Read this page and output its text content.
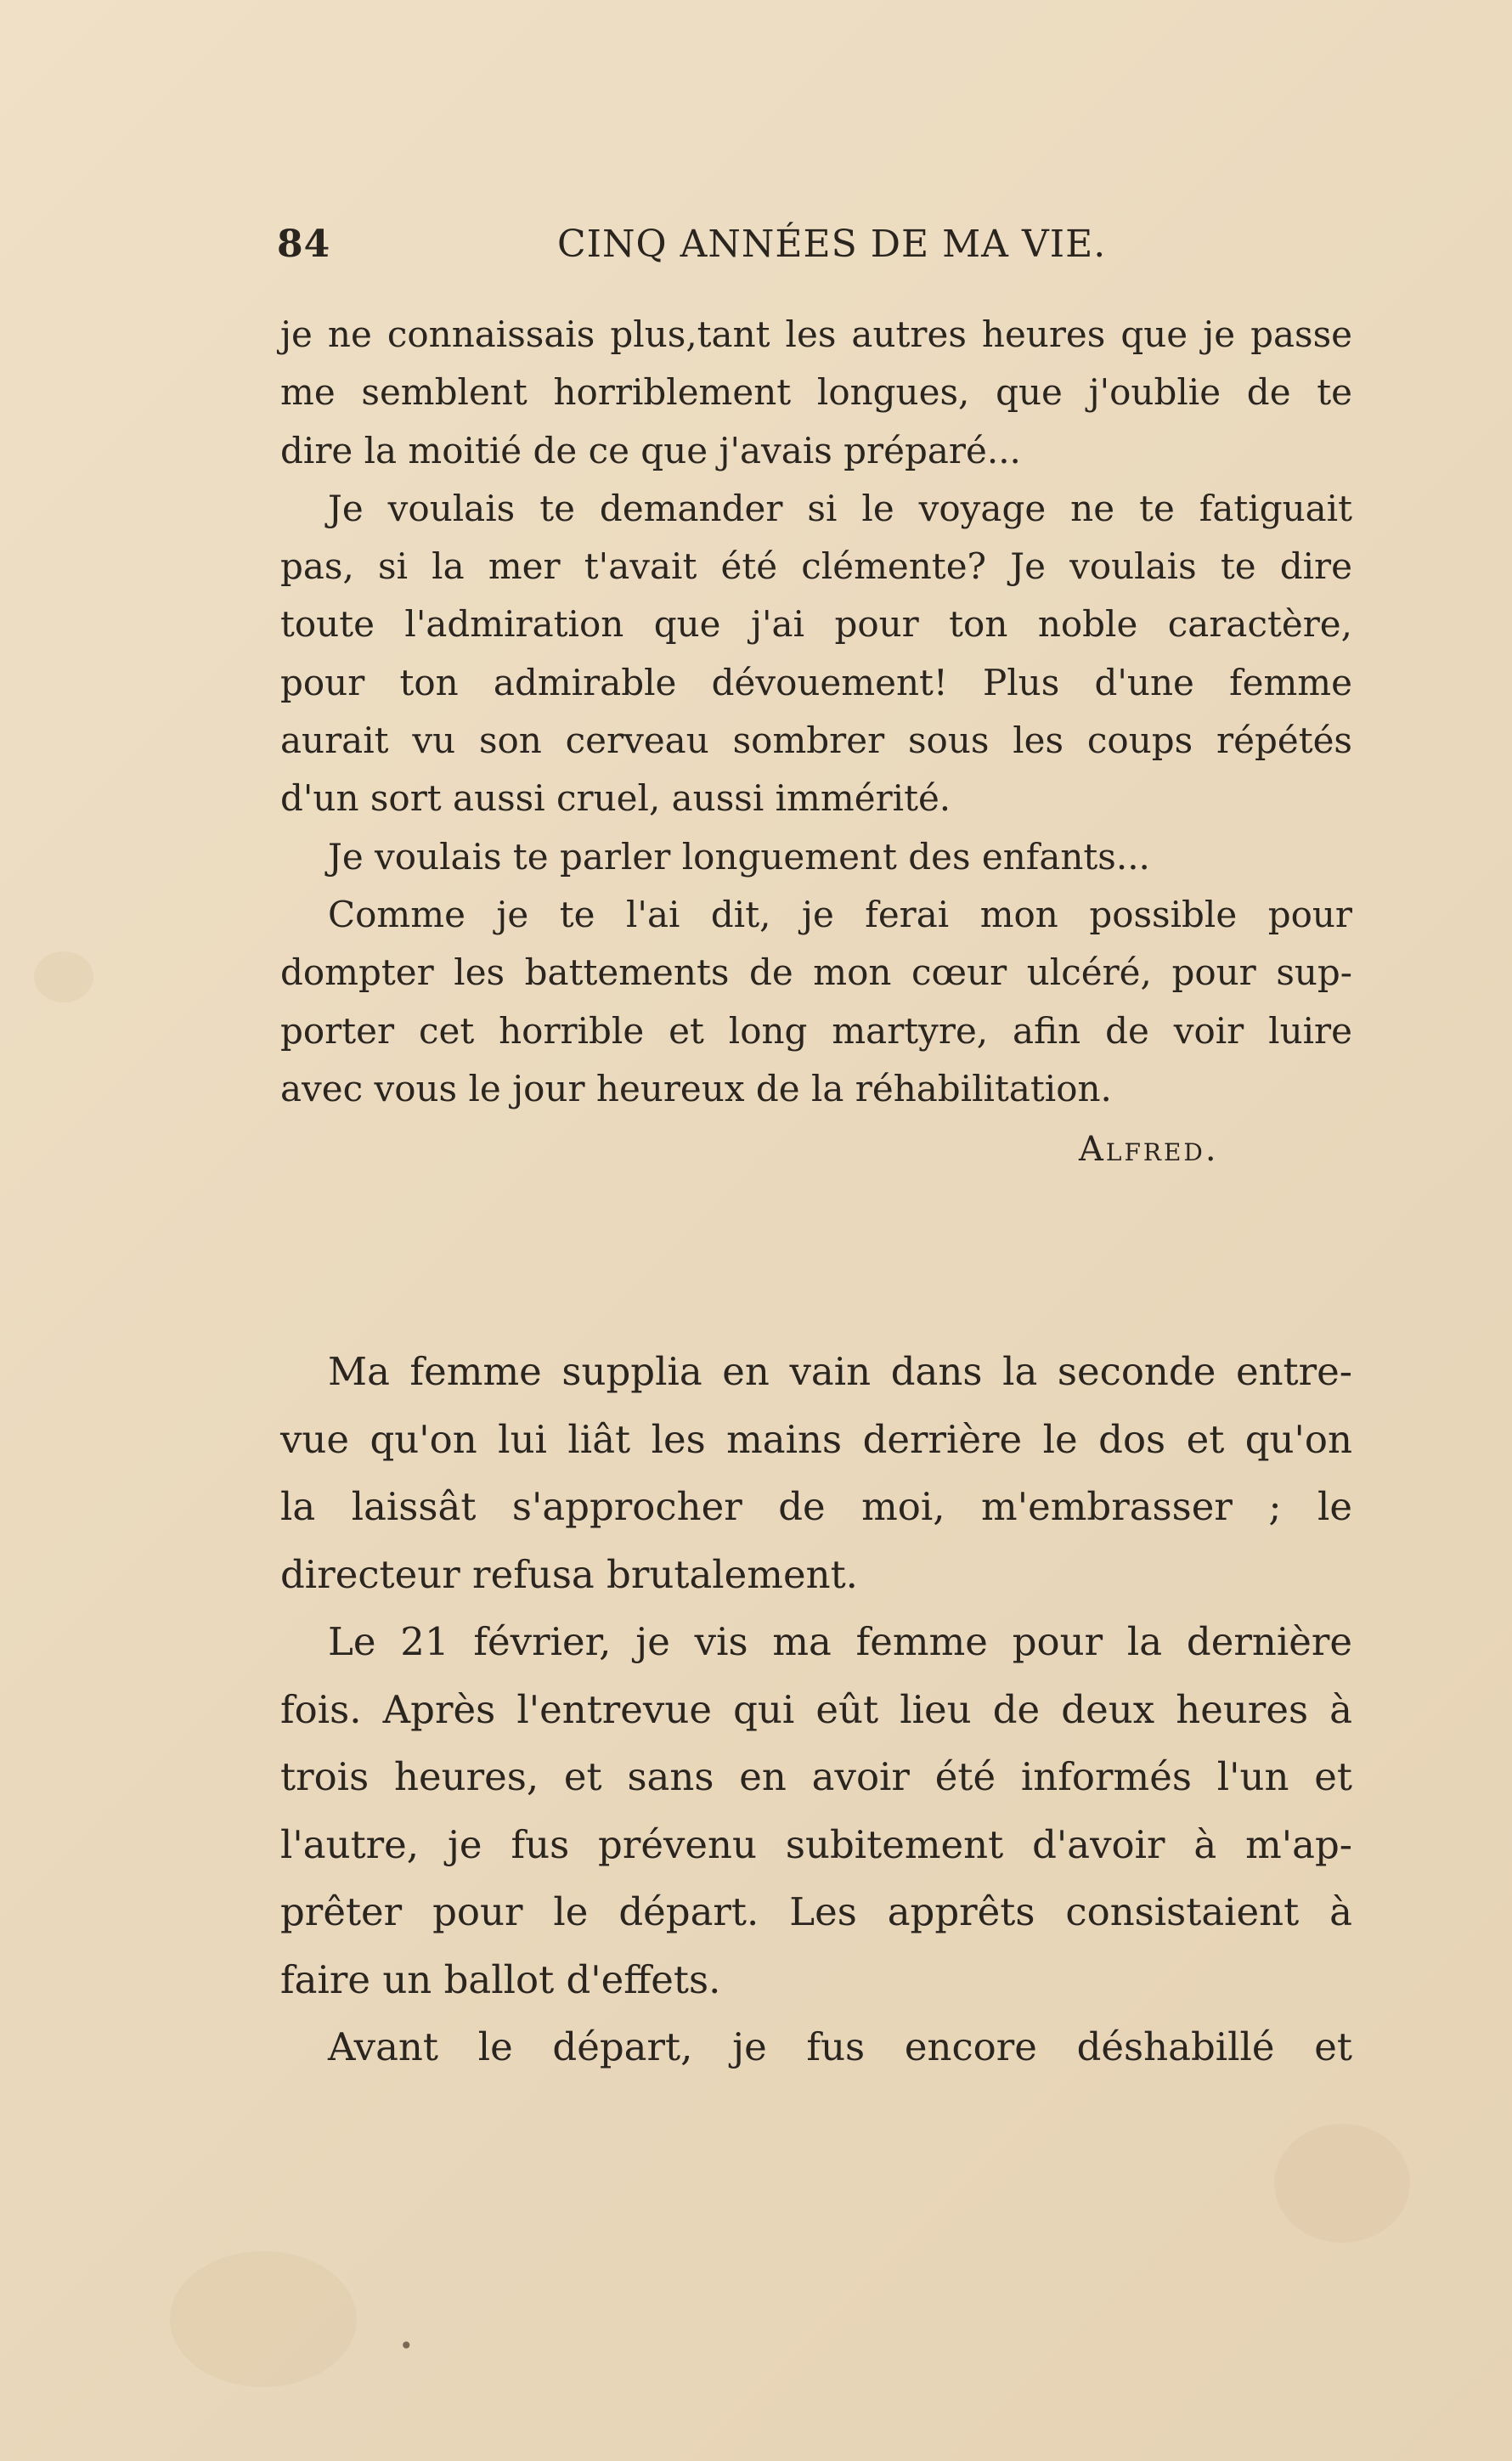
84	CINQ ANNÉES DE MA VIE.
je ne connaissais plus,tant les autres heures que je passe
me semblent horriblement longues, que j'oublie de te
dire la moitié de ce que j'avais préparé...
Je voulais te demander si le voyage ne te fatiguait
pas, si la mer t'avait été clémente? Je voulais te dire
toute l'admiration que j'ai pour ton noble caractère,
pour ton admirable dévouement! Plus d'une femme
aurait vu son cerveau sombrer sous les coups répétés
d'un sort aussi cruel, aussi immérité.
Je voulais te parler longuement des enfants...
Comme je te l'ai dit, je ferai mon possible pour
dompter les battements de mon cœur ulcéré, pour sup-
porter cet horrible et long martyre, afin de voir luire
avec vous le jour heureux de la réhabilitation.
Alfred.
Ma femme supplia en vain dans la seconde entre-
vue qu'on lui liât les mains derrière le dos et qu'on
la laissât s'approcher de moi, m'embrasser ; le
directeur refusa brutalement.
Le 21 février, je vis ma femme pour la dernière
fois. Après l'entrevue qui eût lieu de deux heures à
trois heures, et sans en avoir été informés l'un et
l'autre, je fus prévenu subitement d'avoir à m'ap-
prêter pour le départ. Les apprêts consistaient à
faire un ballot d'effets.
Avant le départ, je fus encore déshabillé et
•
